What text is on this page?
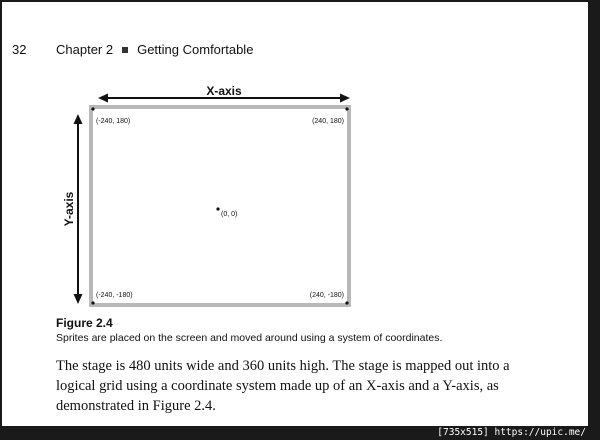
32 Chapter 2 Getting Comfortable
X-axis
Y-axis
(-240, 180)	(240, 180)
(-240, -180)	(240, -180)
(0, 0)
Figure 2.4
Sprites are placed on the screen and moved around using a system of coordinates.

The stage is 480 units wide and 360 units high. The stage is mapped out into a logical grid using a coordinate system made up of an X-axis and a Y-axis, as demonstrated in Figure 2.4.

[735x515] https://upic.me/
